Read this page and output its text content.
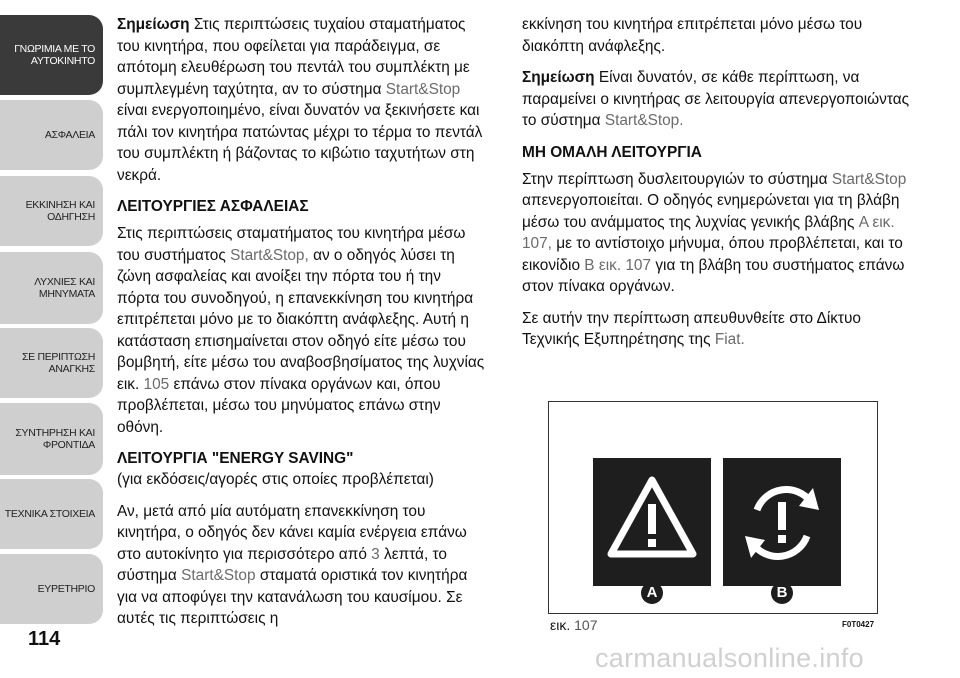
ΓΝΩΡΙΜΙΑ ΜΕ ΤΟ
ΑΥΤΟΚΙΝΗΤΟ
ΑΣΦΑΛΕΙΑ
ΕΚΚΙΝΗΣΗ ΚΑΙ
ΟΔΗΓΗΣΗ
ΛΥΧΝΙΕΣ ΚΑΙ
ΜΗΝΥΜΑΤΑ
ΣΕ ΠΕΡΙΠΤΩΣΗ
ΑΝΑΓΚΗΣ
ΣΥΝΤΗΡΗΣΗ ΚΑΙ
ΦΡΟΝΤΙΔΑ
ΤΕΧΝΙΚΑ ΣΤΟΙΧΕΙΑ
ΕΥΡΕΤΗΡΙΟ
114

Σημείωση Στις περιπτώσεις τυχαίου σταματήματος του κινητήρα, που οφείλεται για παράδειγμα, σε απότομη ελευθέρωση του πεντάλ του συμπλέκτη με συμπλεγμένη ταχύτητα, αν το σύστημα Start&Stop είναι ενεργοποιημένο, είναι δυνατόν να ξεκινήσετε και πάλι τον κινητήρα πατώντας μέχρι το τέρμα το πεντάλ του συμπλέκτη ή βάζοντας το κιβώτιο ταχυτήτων στη νεκρά.

ΛΕΙΤΟΥΡΓΙΕΣ ΑΣΦΑΛΕΙΑΣ

Στις περιπτώσεις σταματήματος του κινητήρα μέσω του συστήματος Start&Stop, αν ο οδηγός λύσει τη ζώνη ασφαλείας και ανοίξει την πόρτα του ή την πόρτα του συνοδηγού, η επανεκκίνηση του κινητήρα επιτρέπεται μόνο με το διακόπτη ανάφλεξης. Αυτή η κατάσταση επισημαίνεται στον οδηγό είτε μέσω του βομβητή, είτε μέσω του αναβοσβησίματος της λυχνίας εικ. 105 επάνω στον πίνακα οργάνων και, όπου προβλέπεται, μέσω του μηνύματος επάνω στην οθόνη.

ΛΕΙΤΟΥΡΓΙΑ "ENERGY SAVING"

(για εκδόσεις/αγορές στις οποίες προβλέπεται)

Αν, μετά από μία αυτόματη επανεκκίνηση του κινητήρα, ο οδηγός δεν κάνει καμία ενέργεια επάνω στο αυτοκίνητο για περισσότερο από 3 λεπτά, το σύστημα Start&Stop σταματά οριστικά τον κινητήρα για να αποφύγει την κατανάλωση του καυσίμου. Σε αυτές τις περιπτώσεις η

εκκίνηση του κινητήρα επιτρέπεται μόνο μέσω του διακόπτη ανάφλεξης.

Σημείωση Είναι δυνατόν, σε κάθε περίπτωση, να παραμείνει ο κινητήρας σε λειτουργία απενεργοποιώντας το σύστημα Start&Stop.

ΜΗ ΟΜΑΛΗ ΛΕΙΤΟΥΡΓΙΑ

Στην περίπτωση δυσλειτουργιών το σύστημα Start&Stop απενεργοποιείται. Ο οδηγός ενημερώνεται για τη βλάβη μέσω του ανάμματος της λυχνίας γενικής βλάβης A εικ. 107, με το αντίστοιχο μήνυμα, όπου προβλέπεται, και το εικονίδιο B εικ. 107 για τη βλάβη του συστήματος επάνω στον πίνακα οργάνων.

Σε αυτήν την περίπτωση απευθυνθείτε στο Δίκτυο Τεχνικής Εξυπηρέτησης της Fiat.

A	B
εικ. 107	F0T0427
carmanualsonline.info
